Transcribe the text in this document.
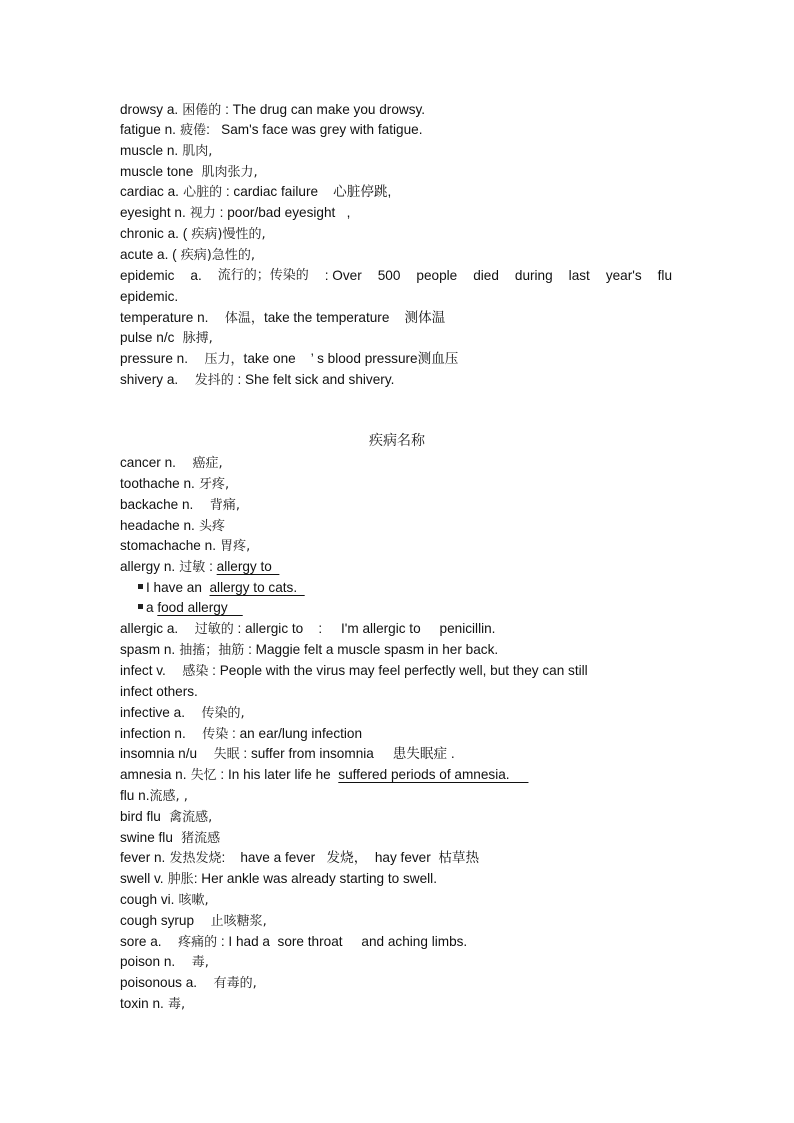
drowsy a. 困倦的 : The drug can make you drowsy.
fatigue n. 疲倦:   Sam's face was grey with fatigue.
muscle n. 肌肉,
muscle tone  肌肉张力,
cardiac a. 心脏的 : cardiac failure    心脏停跳,
eyesight n. 视力 : poor/bad eyesight   ,
chronic a. ( 疾病)慢性的,
acute a. ( 疾病)急性的,
epidemic a. 流行的；传染的 : Over 500 people died during last year's flu
epidemic.
temperature n.    体温，take the temperature    测体温
pulse n/c  脉搏,
pressure n.    压力，take one    ’ s blood pressure测血压
shivery a.    发抖的 : She felt sick and shivery.
疾病名称
cancer n.    癌症,
toothache n. 牙疼,
backache n.    背痛,
headache n. 头疼
stomachache n. 胃疼,
allergy n. 过敏 : allergy to
I have an  allergy to cats.
a food allergy
allergic a.    过敏的 : allergic to    :     I'm allergic to     penicillin.
spasm n. 抽搐；抽筋 : Maggie felt a muscle spasm in her back.
infect v.    感染 : People with the virus may feel perfectly well, but they can still
infect others.
infective a.    传染的,
infection n.    传染 : an ear/lung infection
insomnia n/u    失眠 : suffer from insomnia     患失眠症 .
amnesia n. 失忆 : In his later life he  suffered periods of amnesia.
flu n.流感, ,
bird flu  禽流感,
swine flu  猪流感
fever n. 发热发烧:    have a fever   发烧，  hay fever  枯草热
swell v. 肿胀: Her ankle was already starting to swell.
cough vi. 咳嗽,
cough syrup    止咳糖浆,
sore a.    疼痛的 : I had a  sore throat     and aching limbs.
poison n.    毒,
poisonous a.    有毒的,
toxin n. 毒,
